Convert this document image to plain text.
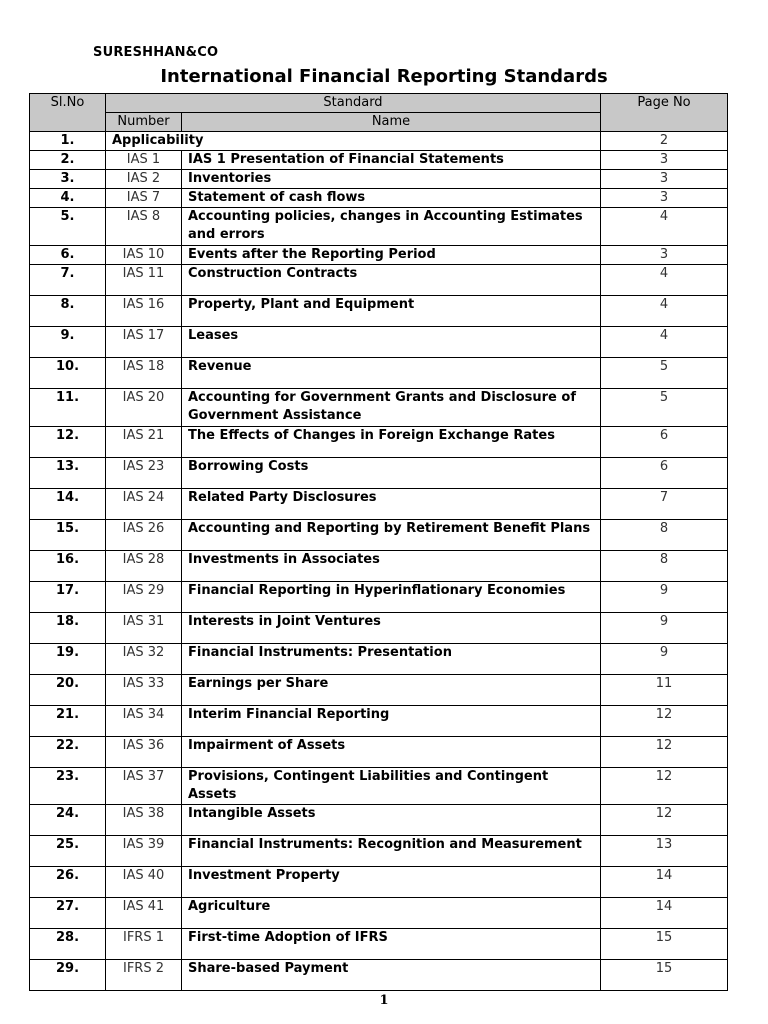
SURESHHAN&CO
International Financial Reporting Standards
Sl.No	Standard		Page No
	Number	Name	
1.	Applicability		2
2.	IAS 1	IAS 1 Presentation of Financial Statements	3
3.	IAS 2	Inventories	3
4.	IAS 7	Statement of cash flows	3
5.	IAS 8	Accounting policies, changes in Accounting Estimates and errors	4
6.	IAS 10	Events after the Reporting Period	3
7.	IAS 11	Construction Contracts	4
8.	IAS 16	Property, Plant and Equipment	4
9.	IAS 17	Leases	4
10.	IAS 18	Revenue	5
11.	IAS 20	Accounting for Government Grants and Disclosure of Government Assistance	5
12.	IAS 21	The Effects of Changes in Foreign Exchange Rates	6
13.	IAS 23	Borrowing Costs	6
14.	IAS 24	Related Party Disclosures	7
15.	IAS 26	Accounting and Reporting by Retirement Benefit Plans	8
16.	IAS 28	Investments in Associates	8
17.	IAS 29	Financial Reporting in Hyperinflationary Economies	9
18.	IAS 31	Interests in Joint Ventures	9
19.	IAS 32	Financial Instruments: Presentation	9
20.	IAS 33	Earnings per Share	11
21.	IAS 34	Interim Financial Reporting	12
22.	IAS 36	Impairment of Assets	12
23.	IAS 37	Provisions, Contingent Liabilities and Contingent Assets	12
24.	IAS 38	Intangible Assets	12
25.	IAS 39	Financial Instruments: Recognition and Measurement	13
26.	IAS 40	Investment Property	14
27.	IAS 41	Agriculture	14
28.	IFRS 1	First-time Adoption of IFRS	15
29.	IFRS 2	Share-based Payment	15
1
